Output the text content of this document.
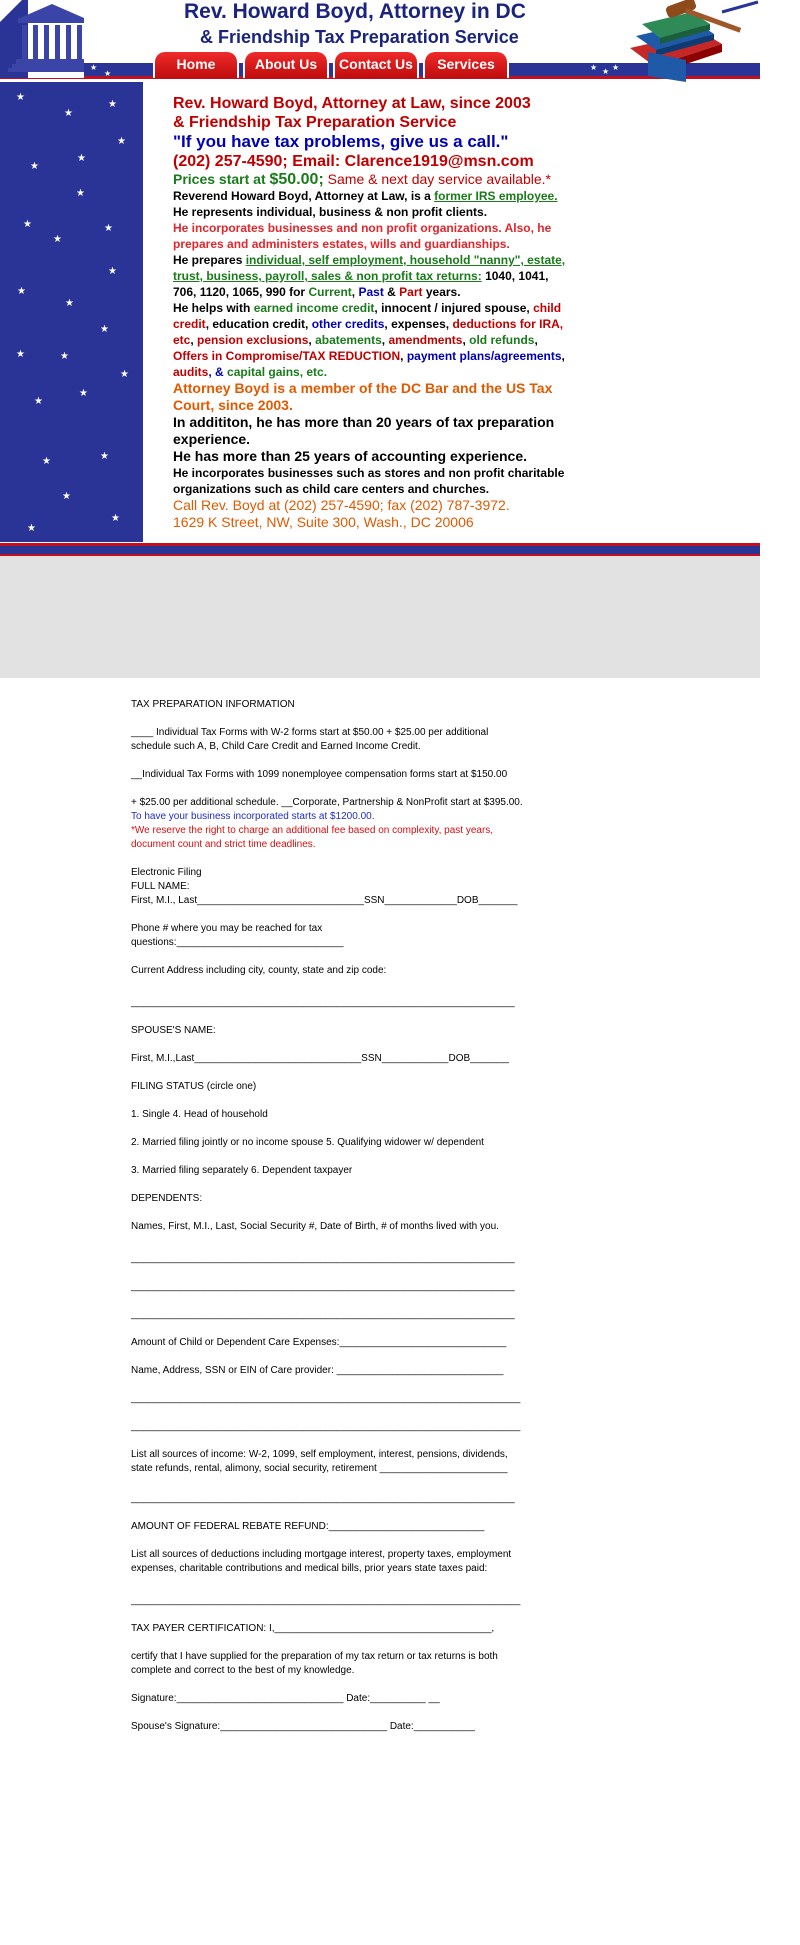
★
★
★ ★ ★
Rev. Howard Boyd, Attorney in DC
& Friendship Tax Preparation Service
Home	About Us	Contact Us	Services
★
★
★
★
★
★
★
★	★
★
★
★
★
★
★	★
★
★
★
★	★
★
★
★

Rev. Howard Boyd, Attorney at Law, since 2003

& Friendship Tax Preparation Service

"If you have tax problems, give us a call."

(202) 257-4590; Email: Clarence1919@msn.com

Prices start at $50.00; Same & next day service available.*

Reverend Howard Boyd, Attorney at Law, is a former IRS employee. He represents individual, business & non profit clients.

He incorporates businesses and non profit organizations. Also, he prepares and administers estates, wills and guardianships.

He prepares individual, self employment, household "nanny", estate, trust, business, payroll, sales & non profit tax returns: 1040, 1041, 706, 1120, 1065, 990 for Current, Past & Part years.

He helps with earned income credit, innocent / injured spouse, child credit, education credit, other credits, expenses, deductions for IRA, etc, pension exclusions, abatements, amendments, old refunds, Offers in Compromise/TAX REDUCTION, payment plans/agreements, audits, & capital gains, etc.

Attorney Boyd is a member of the DC Bar and the US Tax Court, since 2003.

In addititon, he has more than 20 years of tax preparation experience.

He has more than 25 years of accounting experience.

He incorporates businesses such as stores and non profit charitable organizations such as child care centers and churches.

Call Rev. Boyd at (202) 257-4590; fax (202) 787-3972.

1629 K Street, NW, Suite 300, Wash., DC 20006

TAX PREPARATION INFORMATION

____ Individual Tax Forms with W-2 forms start at $50.00 + $25.00 per additional schedule such A, B, Child Care Credit and Earned Income Credit.

__Individual Tax Forms with 1099 nonemployee compensation forms start at $150.00

+ $25.00 per additional schedule. __Corporate, Partnership & NonProfit start at $395.00. To have your business incorporated starts at $1200.00.
*We reserve the right to charge an additional fee based on complexity, past years, document count and strict time deadlines.

Electronic Filing

FULL NAME:

First, M.I., Last______________________________SSN_____________DOB_______

Phone # where you may be reached for tax questions:______________________________

Current Address including city, county, state and zip code:

_____________________________________________________________________

SPOUSE'S NAME:

First, M.I.,Last______________________________SSN____________DOB_______

FILING STATUS (circle one)

1. Single 4. Head of household

2. Married filing jointly or no income spouse 5. Qualifying widower w/ dependent

3. Married filing separately 6. Dependent taxpayer

DEPENDENTS:

Names, First, M.I., Last, Social Security #, Date of Birth, # of months lived with you.

_____________________________________________________________________

_____________________________________________________________________

_____________________________________________________________________

Amount of Child or Dependent Care Expenses:______________________________

Name, Address, SSN or EIN of Care provider: ______________________________

______________________________________________________________________

______________________________________________________________________

List all sources of income: W-2, 1099, self employment, interest, pensions, dividends, state refunds, rental, alimony, social security, retirement _______________________

_____________________________________________________________________

AMOUNT OF FEDERAL REBATE REFUND:____________________________

List all sources of deductions including mortgage interest, property taxes, employment expenses, charitable contributions and medical bills, prior years state taxes paid:

______________________________________________________________________

TAX PAYER CERTIFICATION: I,_______________________________________,

certify that I have supplied for the preparation of my tax return or tax returns is both complete and correct to the best of my knowledge.

Signature:______________________________ Date:__________ __

Spouse's Signature:______________________________ Date:___________
